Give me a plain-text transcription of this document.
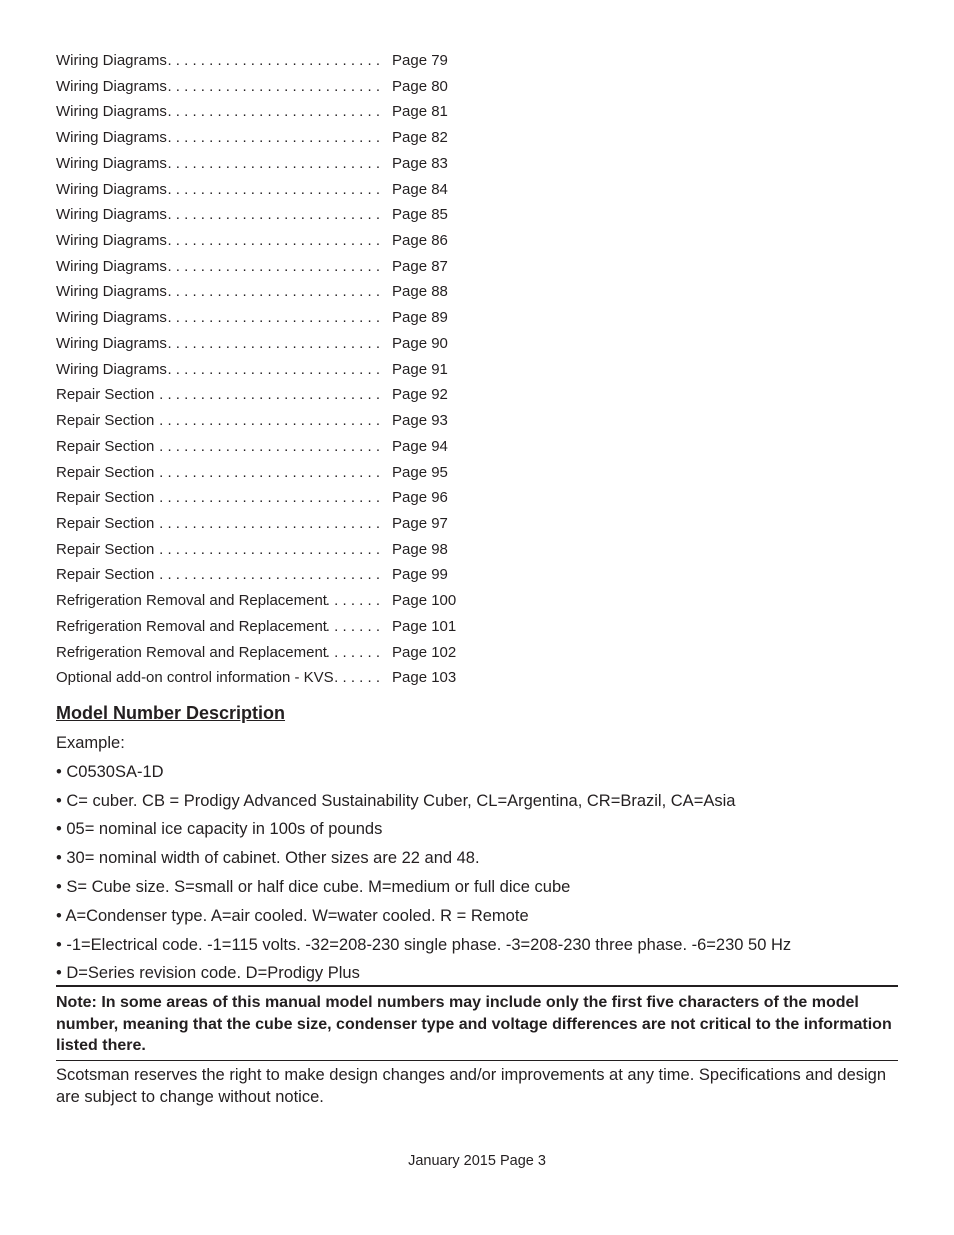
Wiring Diagrams . . .	Page 79
Wiring Diagrams . . .	Page 80
Wiring Diagrams . . .	Page 81
Wiring Diagrams . . .	Page 82
Wiring Diagrams . . .	Page 83
Wiring Diagrams . . .	Page 84
Wiring Diagrams . . .	Page 85
Wiring Diagrams . . .	Page 86
Wiring Diagrams . . .	Page 87
Wiring Diagrams . . .	Page 88
Wiring Diagrams . . .	Page 89
Wiring Diagrams . . .	Page 90
Wiring Diagrams . . .	Page 91
Repair Section . . .	Page 92
Repair Section . . .	Page 93
Repair Section . . .	Page 94
Repair Section . . .	Page 95
Repair Section . . .	Page 96
Repair Section . . .	Page 97
Repair Section . . .	Page 98
Repair Section . . .	Page 99
Refrigeration Removal and Replacement . . .	Page 100
Refrigeration Removal and Replacement . . .	Page 101
Refrigeration Removal and Replacement . . .	Page 102
Optional add-on control information - KVS . . .	Page 103
Model Number Description

Example:

• C0530SA-1D

• C= cuber. CB = Prodigy Advanced Sustainability Cuber, CL=Argentina, CR=Brazil, CA=Asia

• 05= nominal ice capacity in 100s of pounds

• 30= nominal width of cabinet. Other sizes are 22 and 48.

• S= Cube size. S=small or half dice cube. M=medium or full dice cube

• A=Condenser type. A=air cooled. W=water cooled. R = Remote

• -1=Electrical code. -1=115 volts. -32=208-230 single phase. -3=208-230 three phase. -6=230 50 Hz

• D=Series revision code. D=Prodigy Plus

Note: In some areas of this manual model numbers may include only the first five characters of the model number, meaning that the cube size, condenser type and voltage differences are not critical to the information listed there.

Scotsman reserves the right to make design changes and/or improvements at any time. Specifications and design are subject to change without notice.

January 2015 Page 3
